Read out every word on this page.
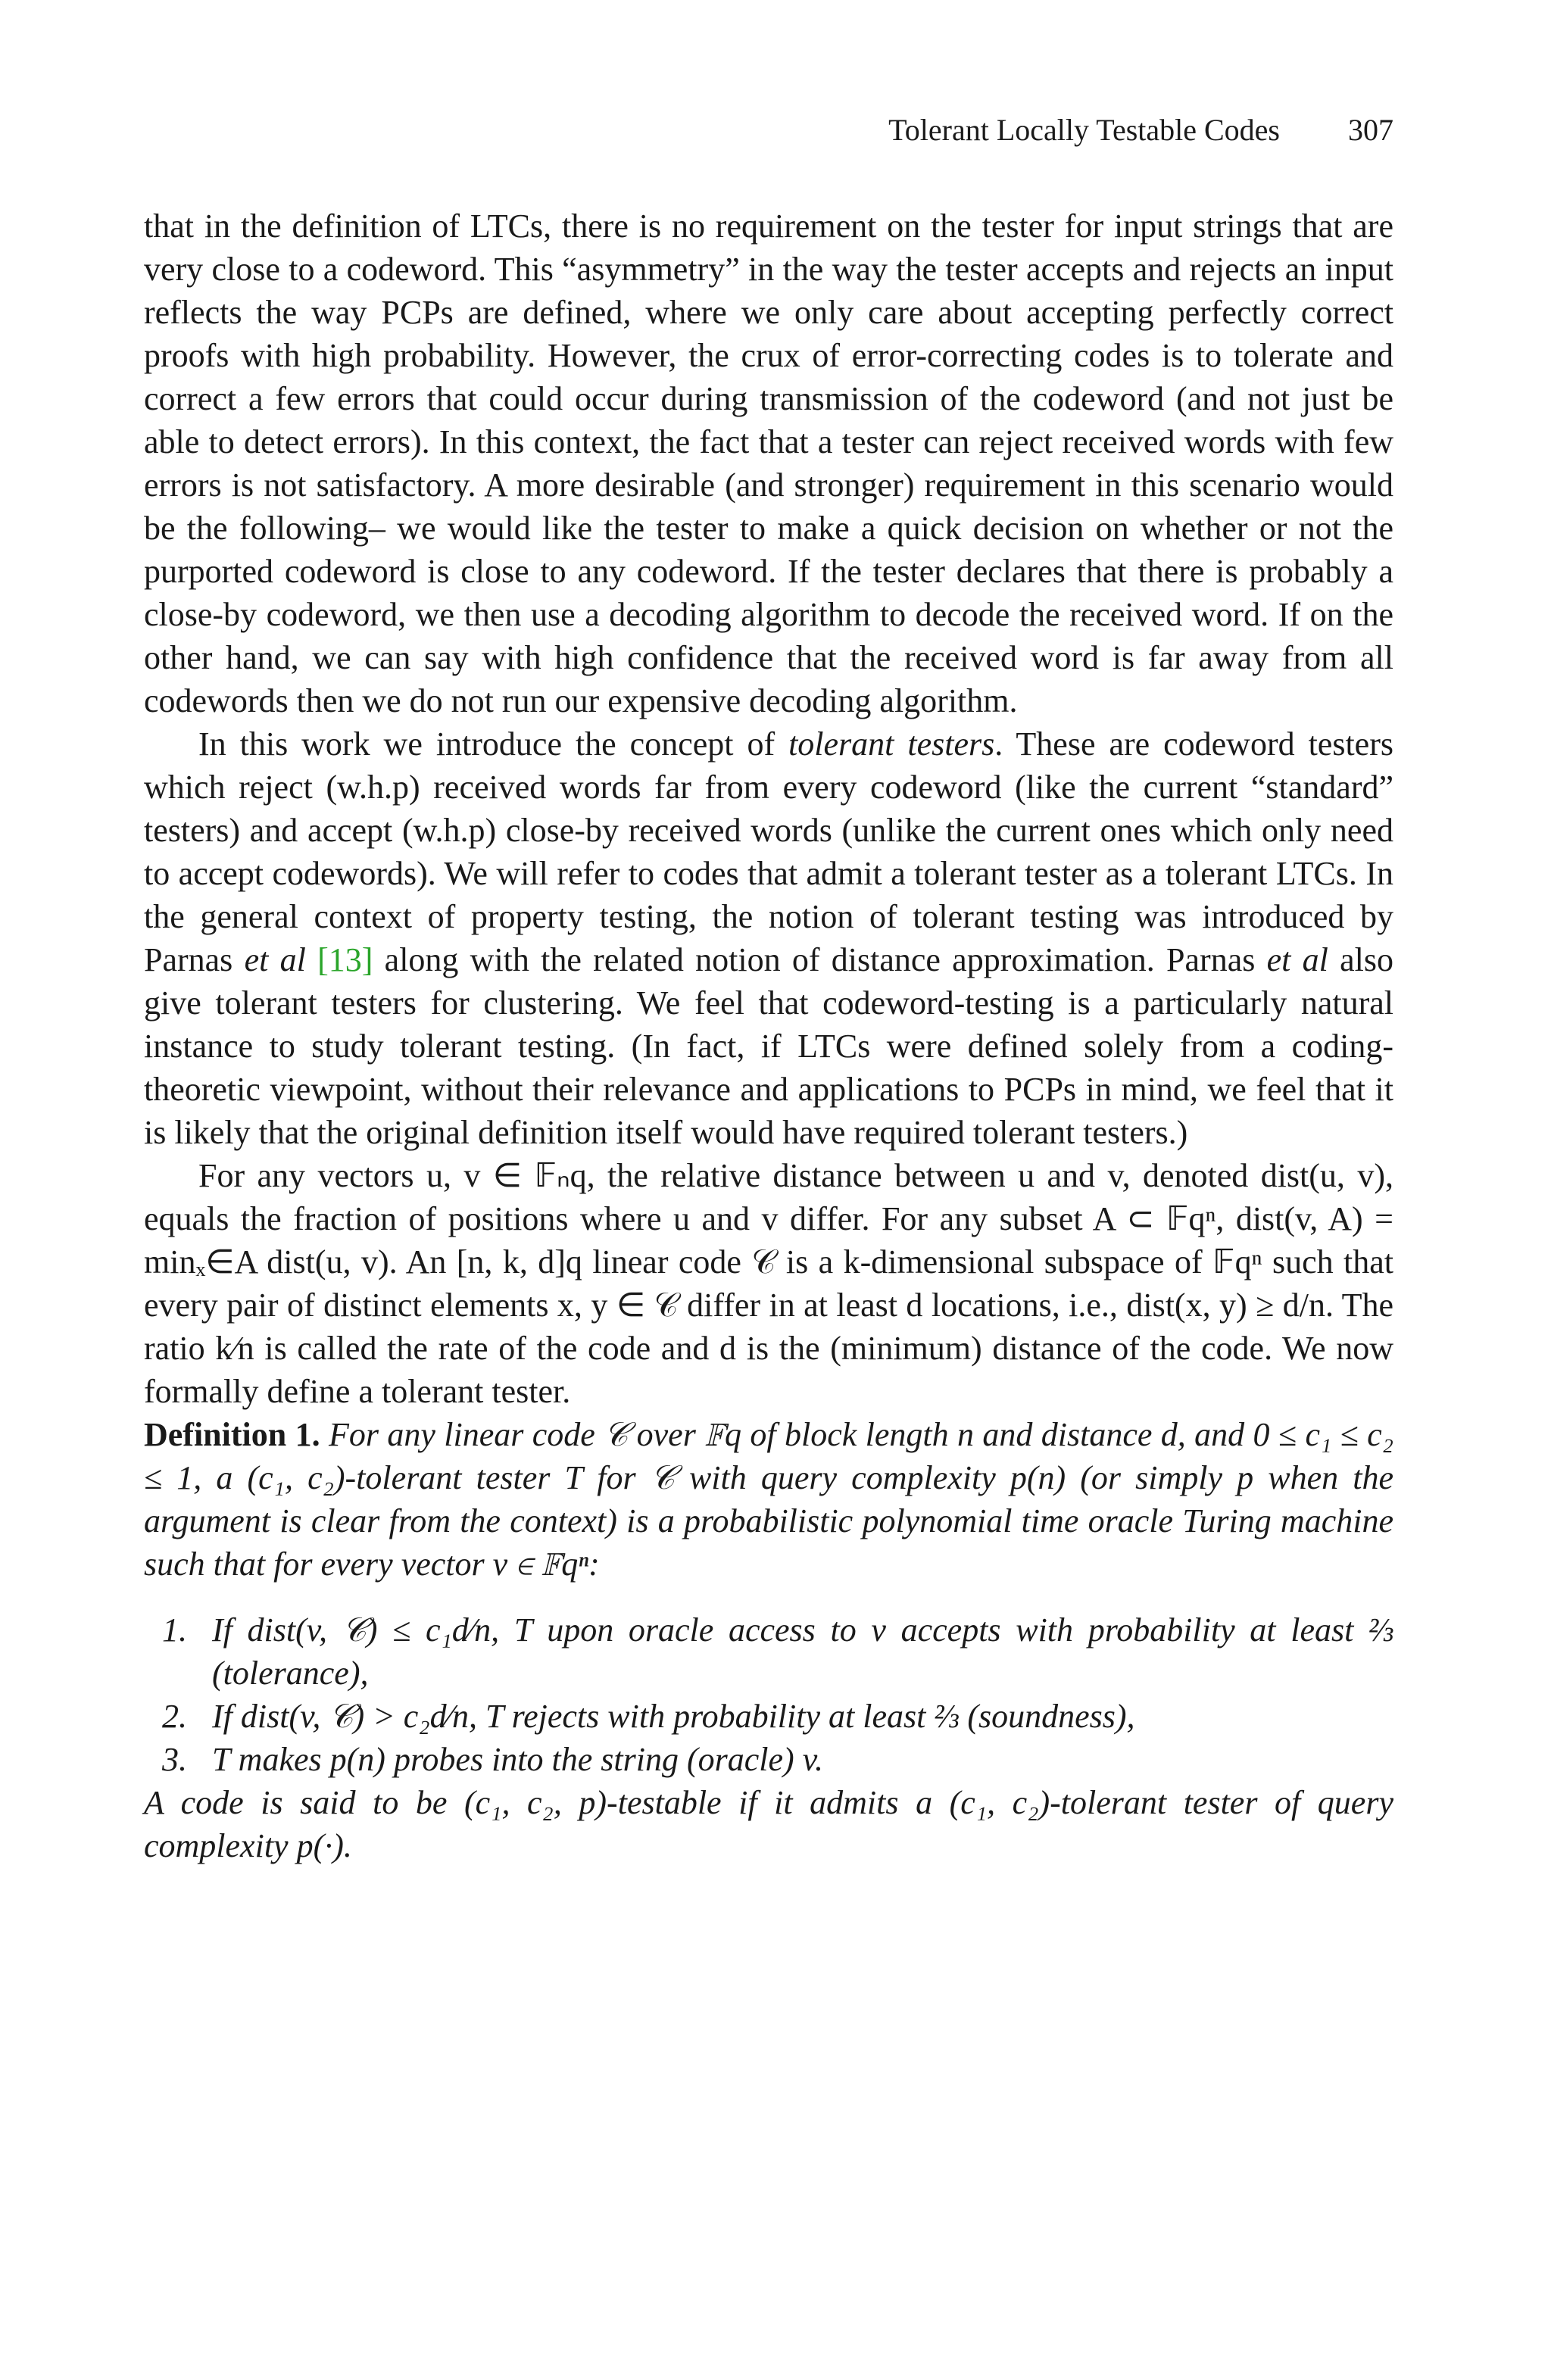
Tolerant Locally Testable Codes 307

that in the definition of LTCs, there is no requirement on the tester for input strings that are very close to a codeword. This “asymmetry” in the way the tester accepts and rejects an input reflects the way PCPs are defined, where we only care about accepting perfectly correct proofs with high probability. However, the crux of error-correcting codes is to tolerate and correct a few errors that could occur during transmission of the codeword (and not just be able to detect errors). In this context, the fact that a tester can reject received words with few errors is not satisfactory. A more desirable (and stronger) requirement in this scenario would be the following– we would like the tester to make a quick decision on whether or not the purported codeword is close to any codeword. If the tester declares that there is probably a close-by codeword, we then use a decoding algorithm to decode the received word. If on the other hand, we can say with high confidence that the received word is far away from all codewords then we do not run our expensive decoding algorithm.

In this work we introduce the concept of tolerant testers. These are codeword testers which reject (w.h.p) received words far from every codeword (like the current “standard” testers) and accept (w.h.p) close-by received words (unlike the current ones which only need to accept codewords). We will refer to codes that admit a tolerant tester as a tolerant LTCs. In the general context of property testing, the notion of tolerant testing was introduced by Parnas et al [13] along with the related notion of distance approximation. Parnas et al also give tolerant testers for clustering. We feel that codeword-testing is a particularly natural instance to study tolerant testing. (In fact, if LTCs were defined solely from a coding-theoretic viewpoint, without their relevance and applications to PCPs in mind, we feel that it is likely that the original definition itself would have required tolerant testers.)

For any vectors u, v ∈ 𝔽ₙq, the relative distance between u and v, denoted dist(u, v), equals the fraction of positions where u and v differ. For any subset A ⊂ 𝔽qⁿ, dist(v, A) = minₓ∈A dist(u, v). An [n, k, d]q linear code 𝒞 is a k-dimensional subspace of 𝔽qⁿ such that every pair of distinct elements x, y ∈ 𝒞 differ in at least d locations, i.e., dist(x, y) ≥ d/n. The ratio k⁄n is called the rate of the code and d is the (minimum) distance of the code. We now formally define a tolerant tester.

Definition 1. For any linear code 𝒞 over 𝔽q of block length n and distance d, and 0 ≤ c₁ ≤ c₂ ≤ 1, a (c₁, c₂)-tolerant tester T for 𝒞 with query complexity p(n) (or simply p when the argument is clear from the context) is a probabilistic polynomial time oracle Turing machine such that for every vector v ∈ 𝔽qⁿ:

1. If dist(v, 𝒞) ≤ c₁d⁄n, T upon oracle access to v accepts with probability at least ⅔ (tolerance),
2. If dist(v, 𝒞) > c₂d⁄n, T rejects with probability at least ⅔ (soundness),
3. T makes p(n) probes into the string (oracle) v.

A code is said to be (c₁, c₂, p)-testable if it admits a (c₁, c₂)-tolerant tester of query complexity p(·).
